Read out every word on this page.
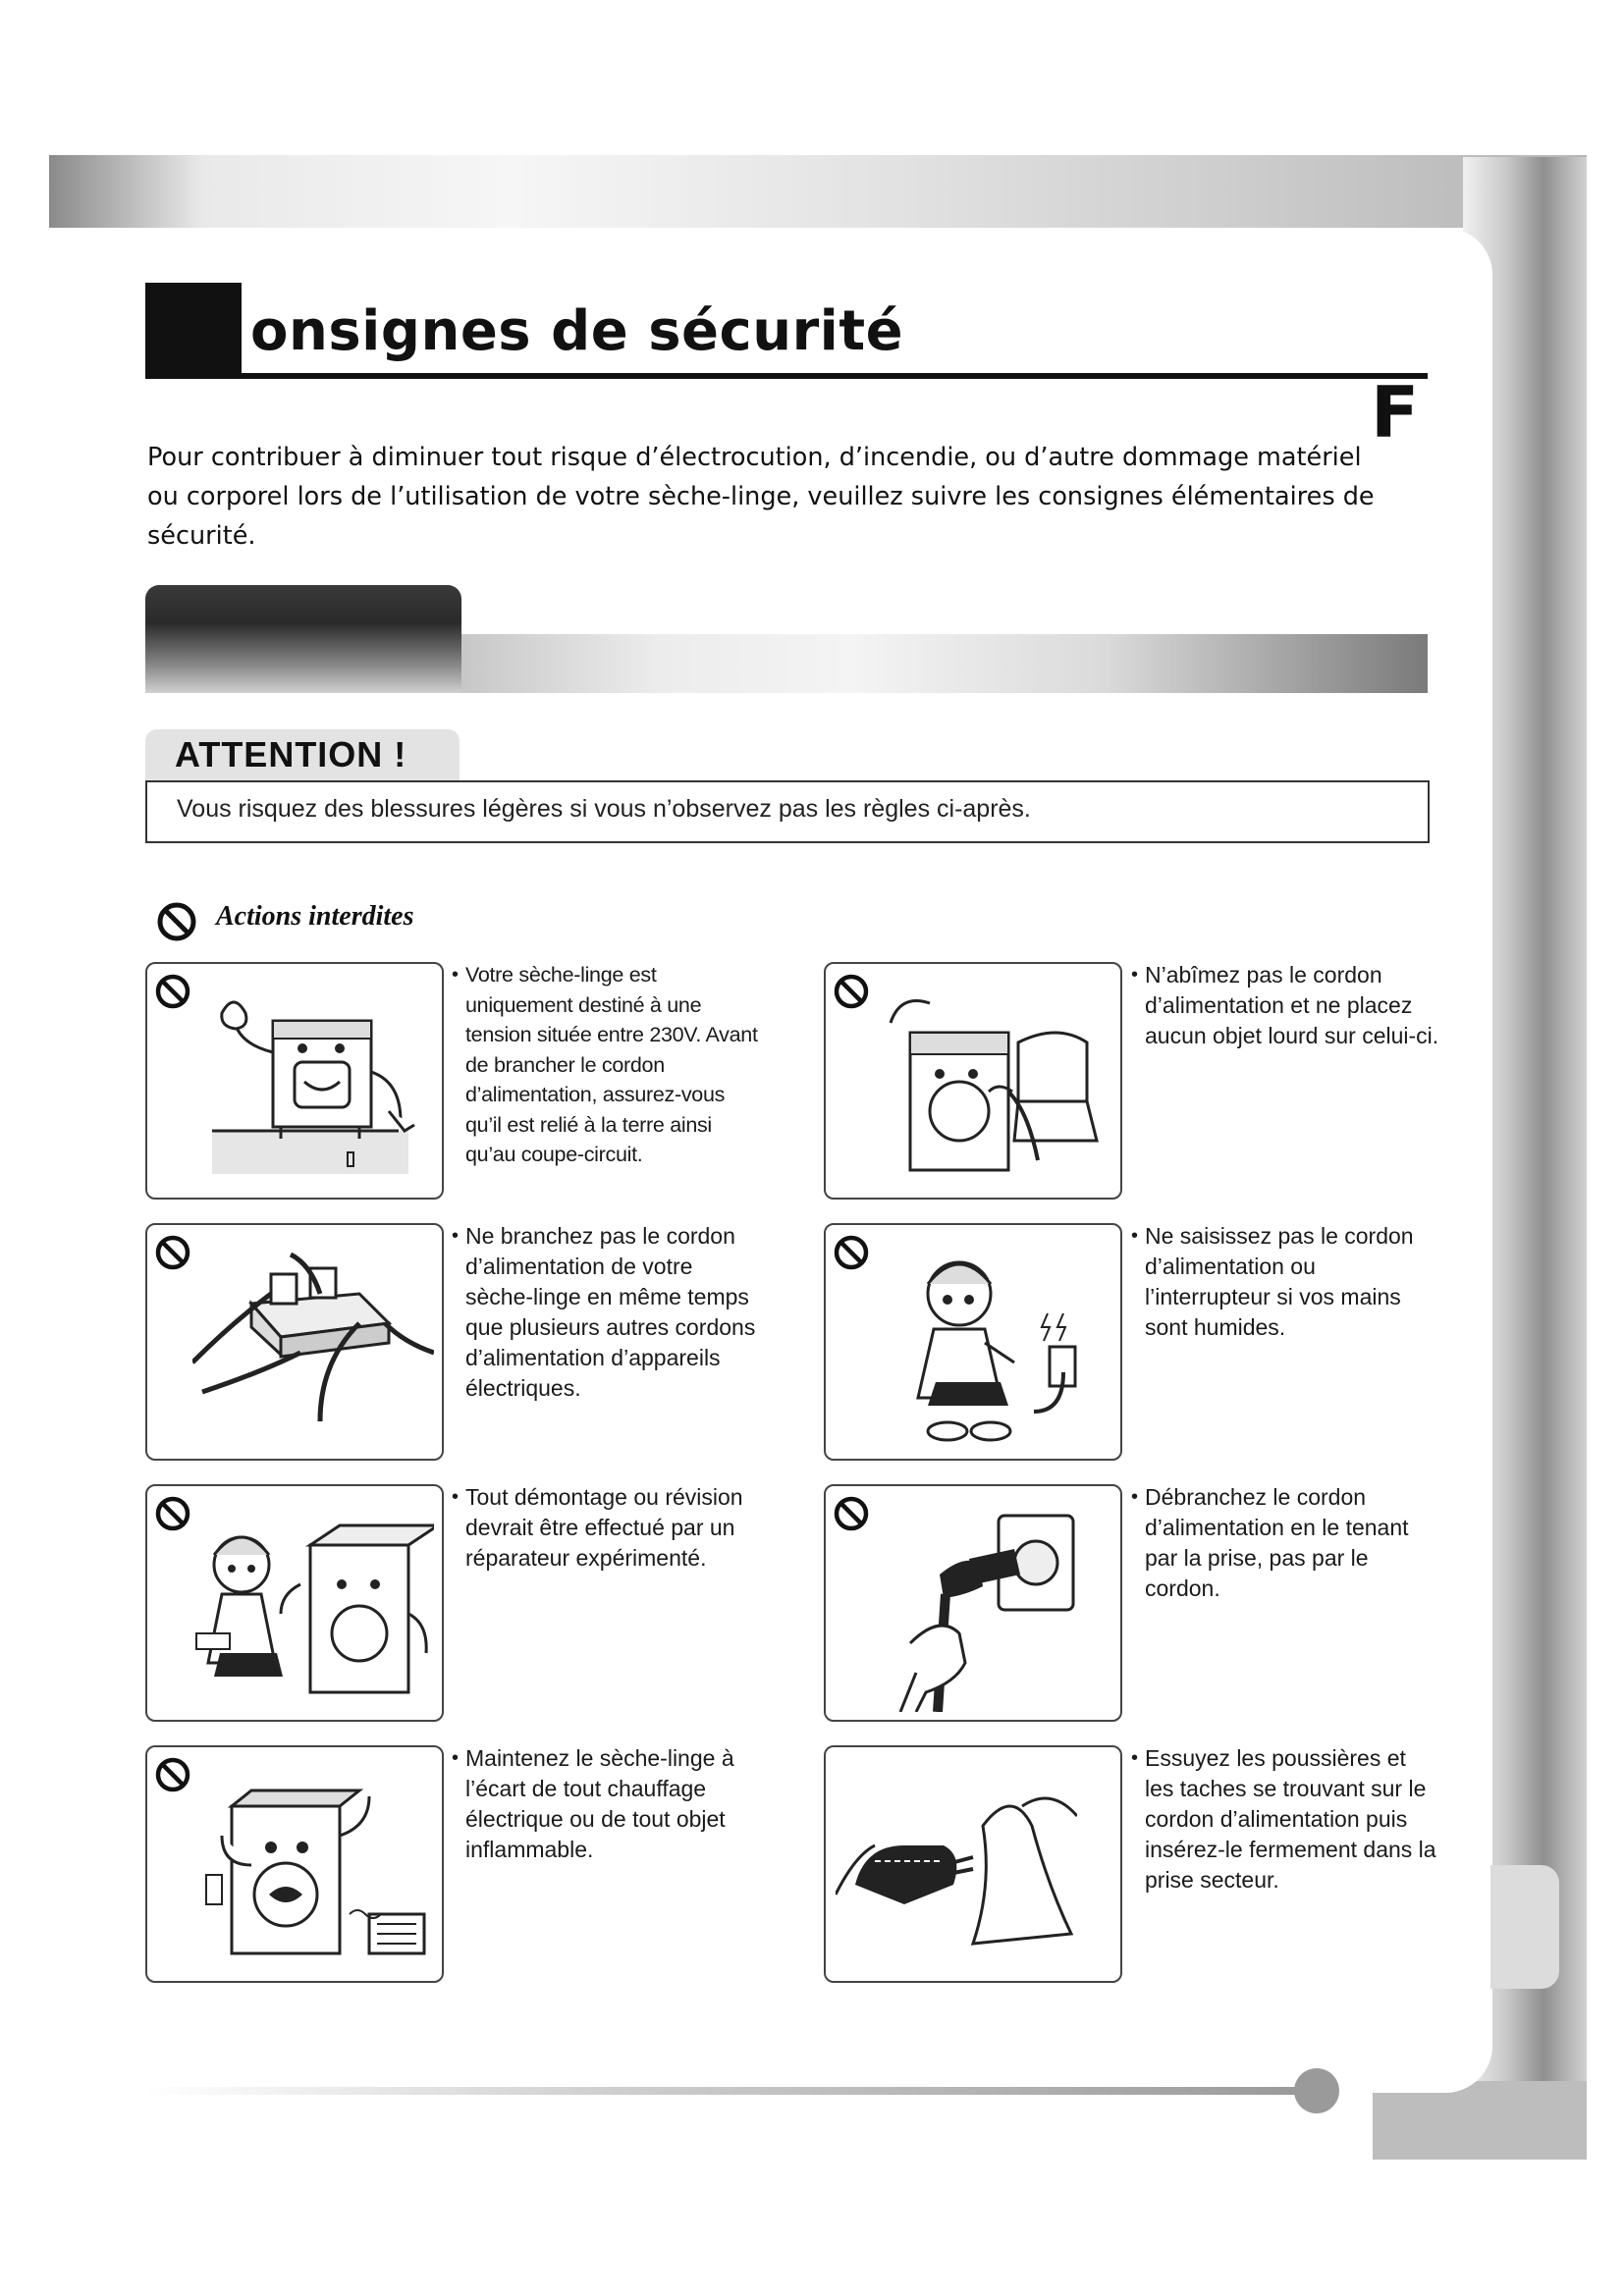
onsignes de sécurité
F
Pour contribuer à diminuer tout risque d’électrocution, d’incendie, ou d’autre dommage matériel ou corporel lors de l’utilisation de votre sèche-linge, veuillez suivre les consignes élémentaires de sécurité.
ATTENTION !
Vous risquez des blessures légères si vous n’observez pas les règles ci-après.
Actions interdites
• Votre sèche-linge est uniquement destiné à une tension située entre 230V. Avant de brancher le cordon d’alimentation, assurez-vous qu’il est relié à la terre ainsi qu’au coupe-circuit.
• N’abîmez pas le cordon d’alimentation et ne placez aucun objet lourd sur celui-ci.
• Ne branchez pas le cordon d’alimentation de votre sèche-linge en même temps que plusieurs autres cordons d’alimentation d’appareils électriques.
• Ne saisissez pas le cordon d’alimentation ou l’interrupteur si vos mains sont humides.
• Tout démontage ou révision devrait être effectué par un réparateur expérimenté.
• Débranchez le cordon d’alimentation en le tenant par la prise, pas par le cordon.
• Maintenez le sèche-linge à l’écart de tout chauffage électrique ou de tout objet inflammable.
• Essuyez les poussières et les taches se trouvant sur le cordon d’alimentation puis insérez-le fermement dans la prise secteur.
